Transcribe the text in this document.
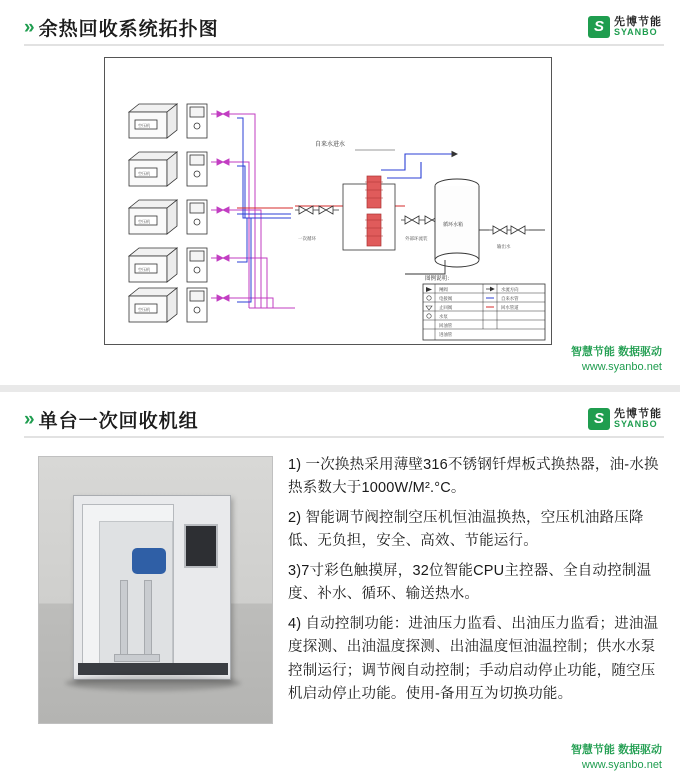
» 余热回收系统拓扑图	S 先博节能
SYANBO
空压机
空压机
空压机
空压机
空压机
一次循环
自来水进水
外部环流装
循环水箱
输出水
图例说明：
闸阀	水流方向
电接阀	自来水管
止回阀	回水管道
水泵
回油管
进油管
智慧节能 数据驱动
www.syanbo.net
» 单台一次回收机组	S 先博节能
SYANBO

1) 一次换热采用薄壁316不锈钢钎焊板式换热器，油-水换热系数大于1000W/M².°C。

2) 智能调节阀控制空压机恒油温换热，空压机油路压降低、无负担，安全、高效、节能运行。

3)7寸彩色触摸屏，32位智能CPU主控器、全自动控制温度、补水、循环、输送热水。

4) 自动控制功能：进油压力监看、出油压力监看；进油温度探测、出油温度探测、出油温度恒油温控制；供水水泵控制运行；调节阀自动控制；手动启动停止功能，随空压机启动停止功能。使用-备用互为切换功能。

智慧节能 数据驱动
www.syanbo.net
